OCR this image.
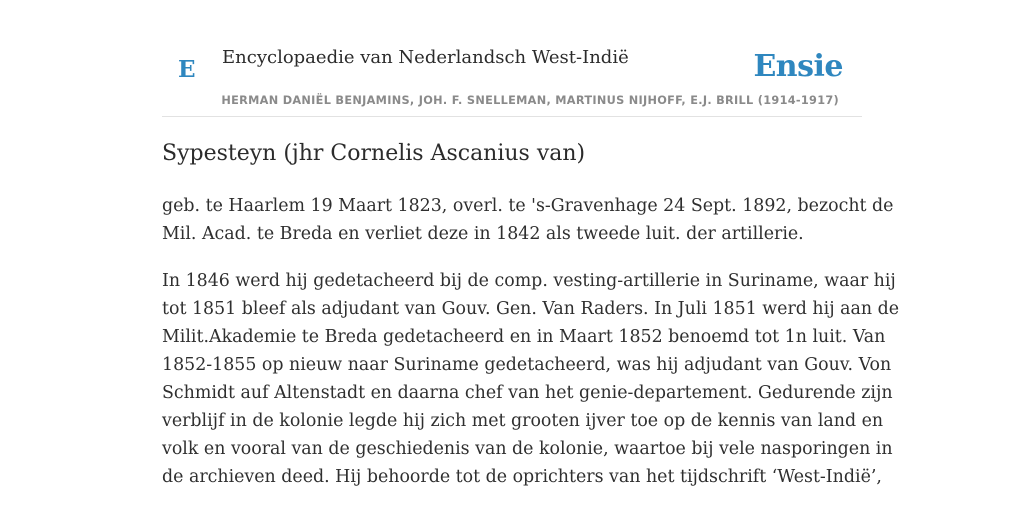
E Encyclopaedie van Nederlandsch West-Indië	Ensie
HERMAN DANIËL BENJAMINS, JOH. F. SNELLEMAN, MARTINUS NIJHOFF, E.J. BRILL (1914-1917)
Sypesteyn (jhr Cornelis Ascanius van)

geb. te Haarlem 19 Maart 1823, overl. te 's-Gravenhage 24 Sept. 1892, bezocht de
Mil. Acad. te Breda en verliet deze in 1842 als tweede luit. der artillerie.

In 1846 werd hij gedetacheerd bij de comp. vesting-artillerie in Suriname, waar hij
tot 1851 bleef als adjudant van Gouv. Gen. Van Raders. In Juli 1851 werd hij aan de
Milit.Akademie te Breda gedetacheerd en in Maart 1852 benoemd tot 1n luit. Van
1852-1855 op nieuw naar Suriname gedetacheerd, was hij adjudant van Gouv. Von
Schmidt auf Altenstadt en daarna chef van het genie-departement. Gedurende zijn
verblijf in de kolonie legde hij zich met grooten ijver toe op de kennis van land en
volk en vooral van de geschiedenis van de kolonie, waartoe bij vele nasporingen in
de archieven deed. Hij behoorde tot de oprichters van het tijdschrift ‘West-Indië’,
